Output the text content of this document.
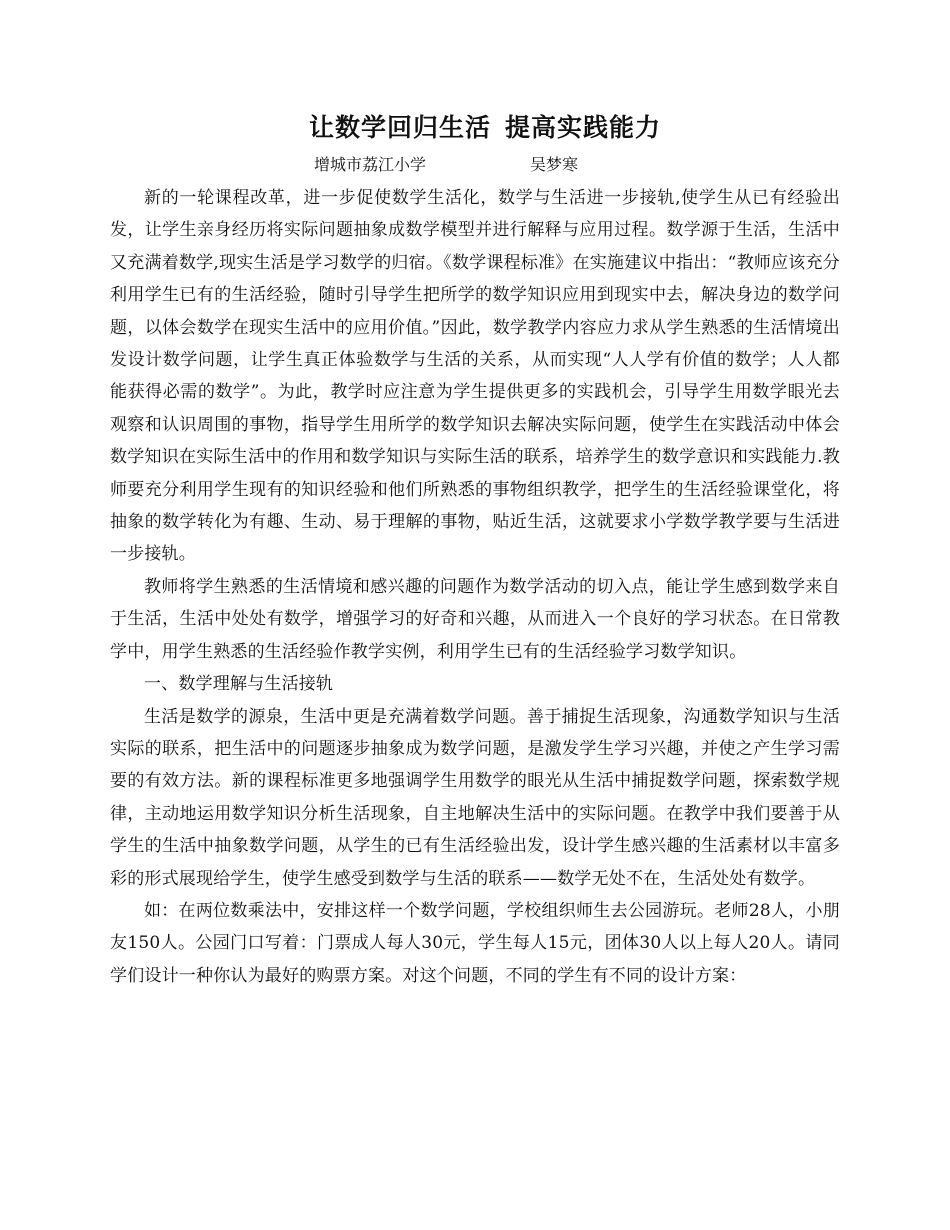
让数学回归生活 提高实践能力
增城市荔江小学	吴梦寒

新的一轮课程改革，进一步促使数学生活化，数学与生活进一步接轨,使学生从已有经验出发，让学生亲身经历将实际问题抽象成数学模型并进行解释与应用过程。数学源于生活，生活中又充满着数学,现实生活是学习数学的归宿。《数学课程标准》在实施建议中指出：“教师应该充分利用学生已有的生活经验，随时引导学生把所学的数学知识应用到现实中去，解决身边的数学问题，以体会数学在现实生活中的应用价值。”因此，数学教学内容应力求从学生熟悉的生活情境出发设计数学问题，让学生真正体验数学与生活的关系，从而实现“人人学有价值的数学；人人都能获得必需的数学”。为此，教学时应注意为学生提供更多的实践机会，引导学生用数学眼光去观察和认识周围的事物，指导学生用所学的数学知识去解决实际问题，使学生在实践活动中体会数学知识在实际生活中的作用和数学知识与实际生活的联系，培养学生的数学意识和实践能力.教师要充分利用学生现有的知识经验和他们所熟悉的事物组织教学，把学生的生活经验课堂化，将抽象的数学转化为有趣、生动、易于理解的事物，贴近生活，这就要求小学数学教学要与生活进一步接轨。

教师将学生熟悉的生活情境和感兴趣的问题作为数学活动的切入点，能让学生感到数学来自于生活，生活中处处有数学，增强学习的好奇和兴趣，从而进入一个良好的学习状态。在日常教学中，用学生熟悉的生活经验作教学实例，利用学生已有的生活经验学习数学知识。

一、数学理解与生活接轨

生活是数学的源泉，生活中更是充满着数学问题。善于捕捉生活现象，沟通数学知识与生活实际的联系，把生活中的问题逐步抽象成为数学问题，是激发学生学习兴趣，并使之产生学习需要的有效方法。新的课程标准更多地强调学生用数学的眼光从生活中捕捉数学问题，探索数学规律，主动地运用数学知识分析生活现象，自主地解决生活中的实际问题。在教学中我们要善于从学生的生活中抽象数学问题，从学生的已有生活经验出发，设计学生感兴趣的生活素材以丰富多彩的形式展现给学生，使学生感受到数学与生活的联系——数学无处不在，生活处处有数学。

如：在两位数乘法中，安排这样一个数学问题，学校组织师生去公园游玩。老师28人，小朋友150人。公园门口写着：门票成人每人30元，学生每人15元，团体30人以上每人20人。请同学们设计一种你认为最好的购票方案。对这个问题，不同的学生有不同的设计方案：
